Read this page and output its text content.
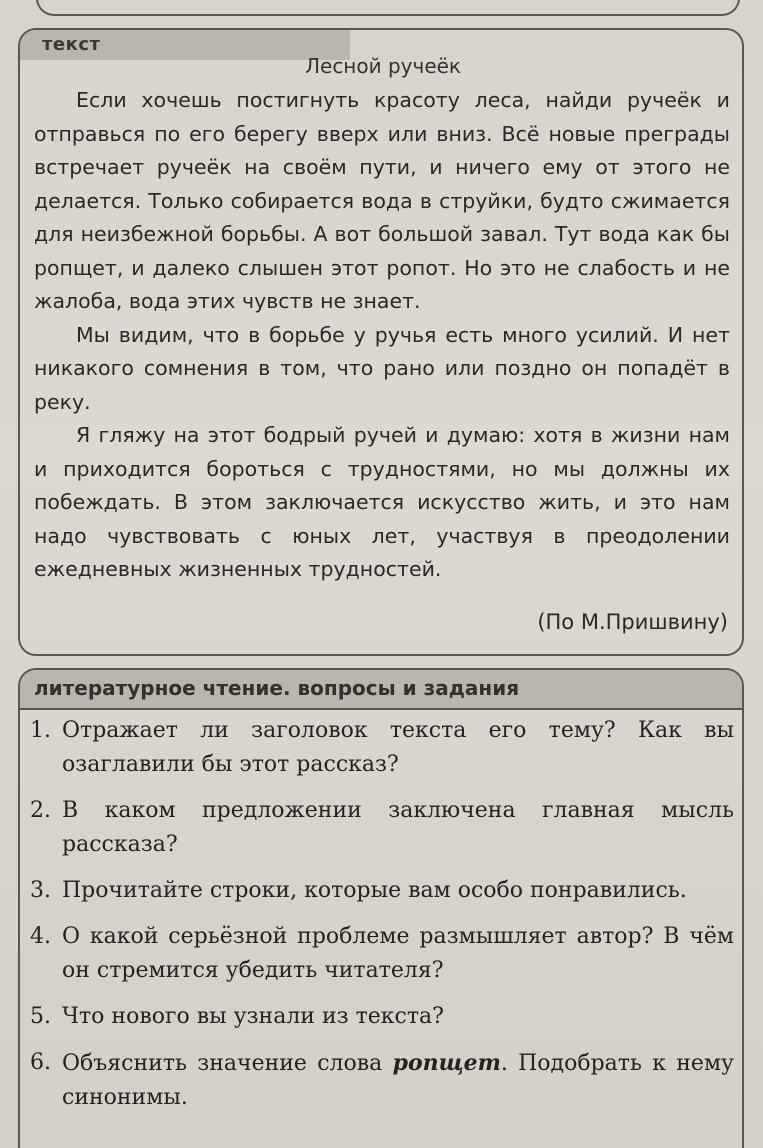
текст
Лесной ручеёк

Если хочешь постигнуть красоту леса, найди ручеёк и отправься по его берегу вверх или вниз. Всё новые преграды встречает ручеёк на своём пути, и ничего ему от этого не делается. Только собирается вода в струйки, будто сжимается для неизбежной борьбы. А вот большой завал. Тут вода как бы ропщет, и далеко слышен этот ропот. Но это не слабость и не жалоба, вода этих чувств не знает.

Мы видим, что в борьбе у ручья есть много усилий. И нет никакого сомнения в том, что рано или поздно он попадёт в реку.

Я гляжу на этот бодрый ручей и думаю: хотя в жизни нам и приходится бороться с трудностями, но мы должны их побеждать. В этом заключается искусство жить, и это нам надо чувствовать с юных лет, участвуя в преодолении ежедневных жизненных трудностей.

(По М.Пришвину)
литературное чтение. вопросы и задания
1. Отражает ли заголовок текста его тему? Как вы озаглавили бы этот рассказ?
2. В каком предложении заключена главная мысль рассказа?
3. Прочитайте строки, которые вам особо понравились.
4. О какой серьёзной проблеме размышляет автор? В чём он стремится убедить читателя?
5. Что нового вы узнали из текста?
6. Объяснить значение слова ропщет. Подобрать к нему синонимы.
